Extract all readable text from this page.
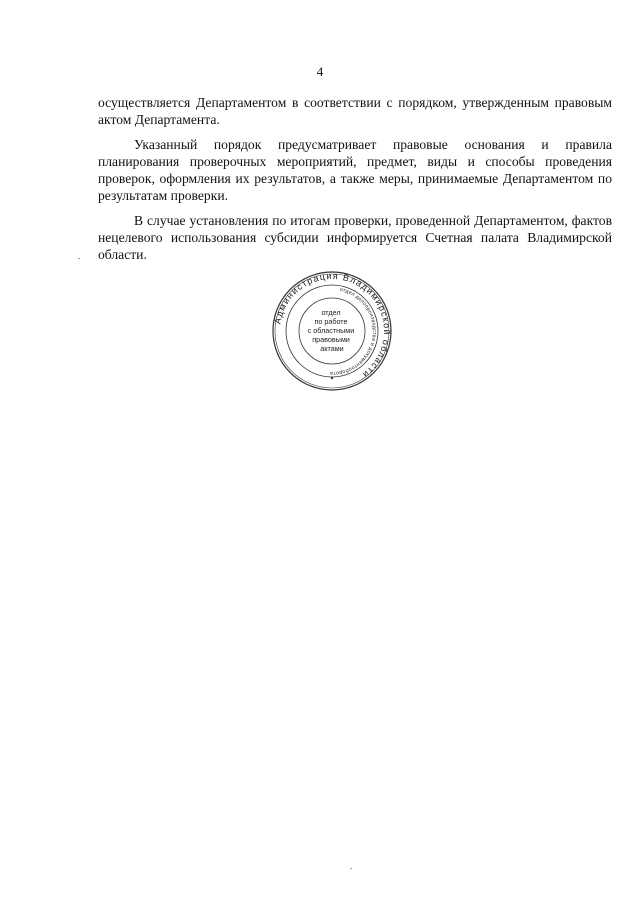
4

осуществляется Департаментом в соответствии с порядком, утвержденным правовым актом Департамента.

Указанный порядок предусматривает правовые основания и правила планирования проверочных мероприятий, предмет, виды и способы проведения проверок, оформления их результатов, а также меры, принимаемые Департаментом по результатам проверки.

В случае установления по итогам проверки, проведенной Департаментом, фактов нецелевого использования субсидии информируется Счетная палата Владимирской области.

Администрация Владимирской области
отдел делопроизводства и документооборота
отдел по работе с областными правовыми актами
